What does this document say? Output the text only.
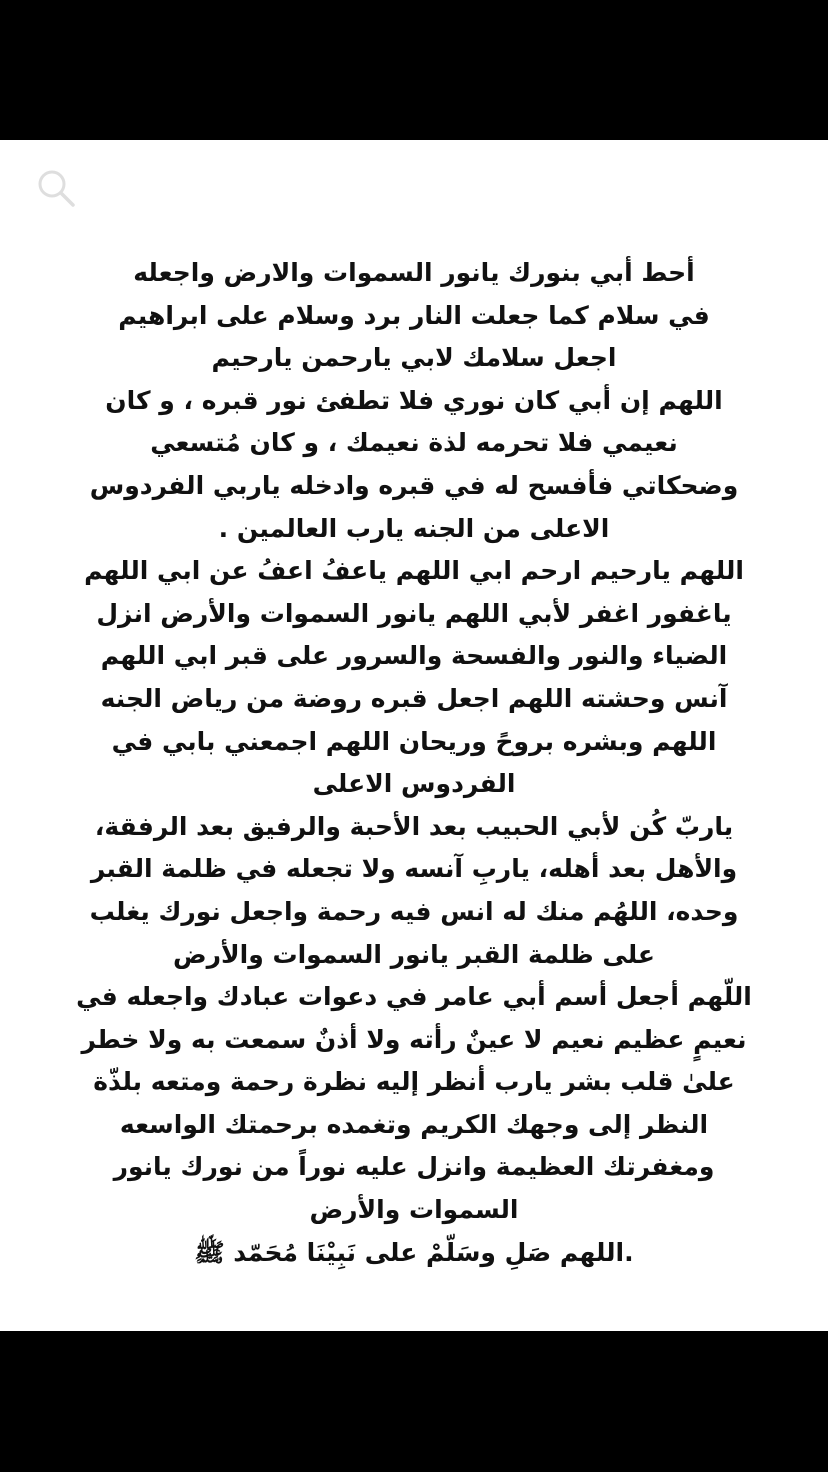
أحط أبي بنورك يانور السموات والارض واجعله
في سلام كما جعلت النار برد وسلام على ابراهيم
اجعل سلامك لابي يارحمن يارحيم
اللهم إن أبي كان نوري فلا تطفئ نور قبره ، و كان
نعيمي فلا تحرمه لذة نعيمك ، و كان مُتسعي
وضحكاتي فأفسح له في قبره وادخله ياربي الفردوس
الاعلى من الجنه يارب العالمين .
اللهم يارحيم ارحم ابي اللهم ياعفُ اعفُ عن ابي اللهم
ياغفور اغفر لأبي اللهم يانور السموات والأرض انزل
الضياء والنور والفسحة والسرور على قبر ابي اللهم
آنس وحشته اللهم اجعل قبره روضة من رياض الجنه
اللهم وبشره بروحً وريحان اللهم اجمعني بابي في
الفردوس الاعلى
ياربّ كُن لأبي الحبيب بعد الأحبة والرفيق بعد الرفقة،
والأهل بعد أهله، ياربِ آنسه ولا تجعله في ظلمة القبر
وحده، اللهُم منك له انس فيه رحمة واجعل نورك يغلب
على ظلمة القبر يانور السموات والأرض
اللّهم أجعل أسم أبي عامر في دعوات عبادك واجعله في
نعيمٍ عظيم نعيم لا عينٌ رأته ولا أذنٌ سمعت به ولا خطر
علىٰ قلب بشر يارب أنظر إليه نظرة رحمة ومتعه بلذّة
النظر إلى وجهك الكريم وتغمده برحمتك الواسعه
ومغفرتك العظيمة وانزل عليه نوراً من نورك يانور
السموات والأرض
.اللهم صَلِ وسَلّمْ على نَبِيْنَا مُحَمّد ﷺ
